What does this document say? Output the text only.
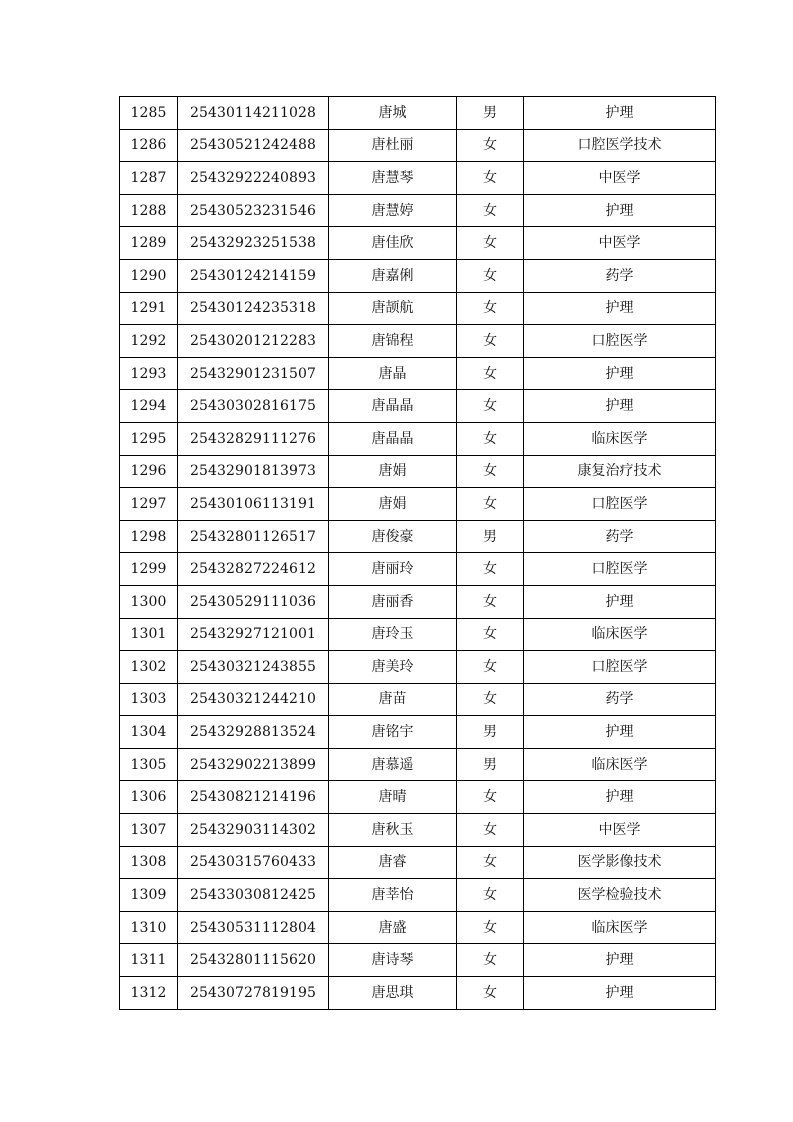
1285	25430114211028	唐城	男	护理
1286	25430521242488	唐杜丽	女	口腔医学技术
1287	25432922240893	唐慧琴	女	中医学
1288	25430523231546	唐慧婷	女	护理
1289	25432923251538	唐佳欣	女	中医学
1290	25430124214159	唐嘉俐	女	药学
1291	25430124235318	唐颉航	女	护理
1292	25430201212283	唐锦程	女	口腔医学
1293	25432901231507	唐晶	女	护理
1294	25430302816175	唐晶晶	女	护理
1295	25432829111276	唐晶晶	女	临床医学
1296	25432901813973	唐娟	女	康复治疗技术
1297	25430106113191	唐娟	女	口腔医学
1298	25432801126517	唐俊豪	男	药学
1299	25432827224612	唐丽玲	女	口腔医学
1300	25430529111036	唐丽香	女	护理
1301	25432927121001	唐玲玉	女	临床医学
1302	25430321243855	唐美玲	女	口腔医学
1303	25430321244210	唐苗	女	药学
1304	25432928813524	唐铭宇	男	护理
1305	25432902213899	唐慕遥	男	临床医学
1306	25430821214196	唐晴	女	护理
1307	25432903114302	唐秋玉	女	中医学
1308	25430315760433	唐睿	女	医学影像技术
1309	25433030812425	唐莘怡	女	医学检验技术
1310	25430531112804	唐盛	女	临床医学
1311	25432801115620	唐诗琴	女	护理
1312	25430727819195	唐思琪	女	护理
